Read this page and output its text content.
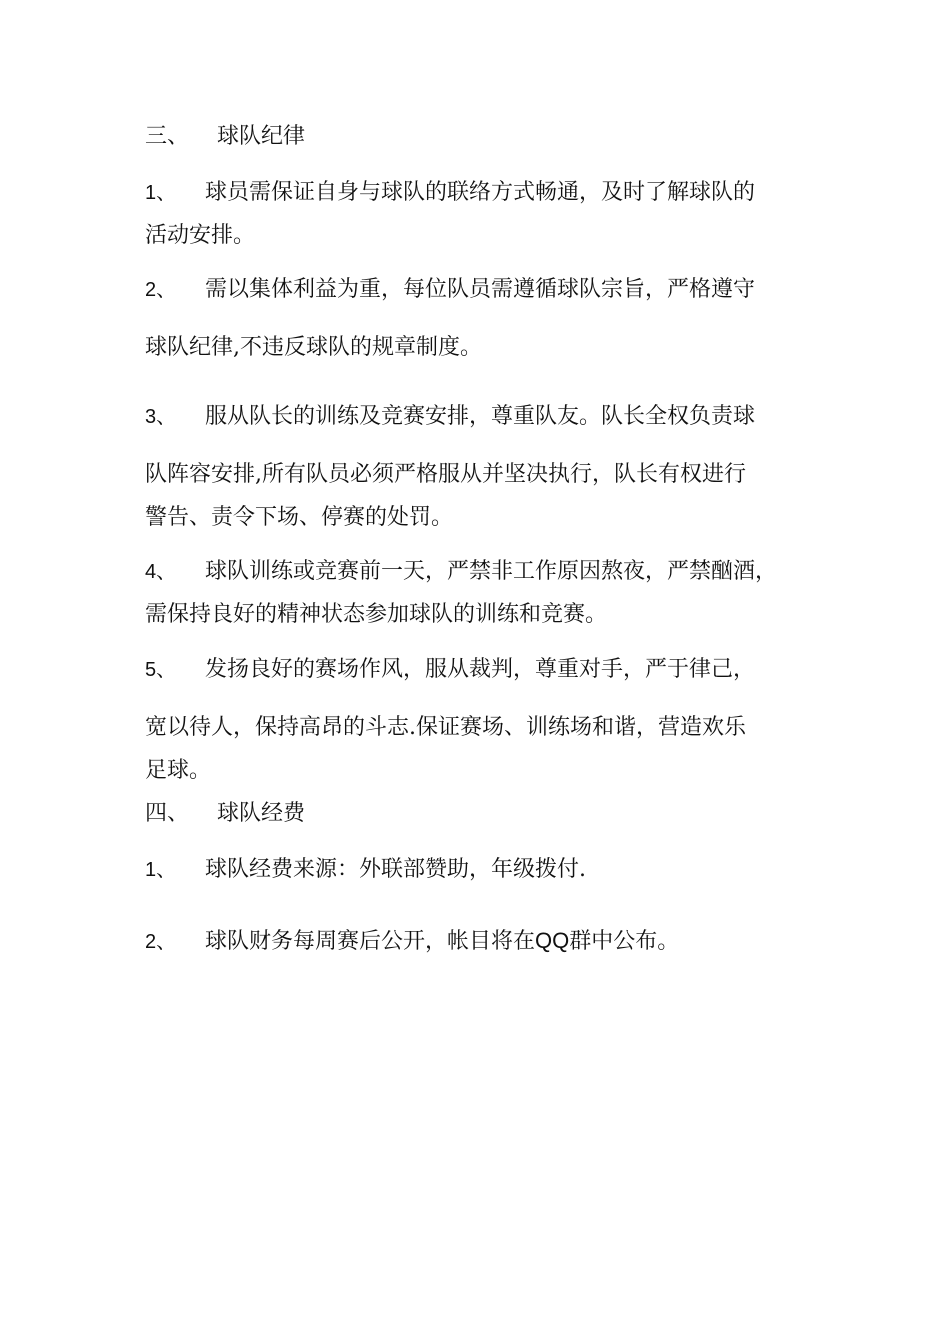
三、 球队纪律
1、 球员需保证自身与球队的联络方式畅通，及时了解球队的
活动安排。
2、 需以集体利益为重，每位队员需遵循球队宗旨，严格遵守
球队纪律,不违反球队的规章制度。
3、 服从队长的训练及竞赛安排，尊重队友。队长全权负责球
队阵容安排,所有队员必须严格服从并坚决执行，队长有权进行
警告、责令下场、停赛的处罚。
4、 球队训练或竞赛前一天，严禁非工作原因熬夜，严禁酗酒，
需保持良好的精神状态参加球队的训练和竞赛。
5、 发扬良好的赛场作风，服从裁判，尊重对手，严于律己，
宽以待人，保持高昂的斗志.保证赛场、训练场和谐，营造欢乐
足球。
四、 球队经费
1、 球队经费来源：外联部赞助，年级拨付.
2、 球队财务每周赛后公开，帐目将在QQ群中公布。
